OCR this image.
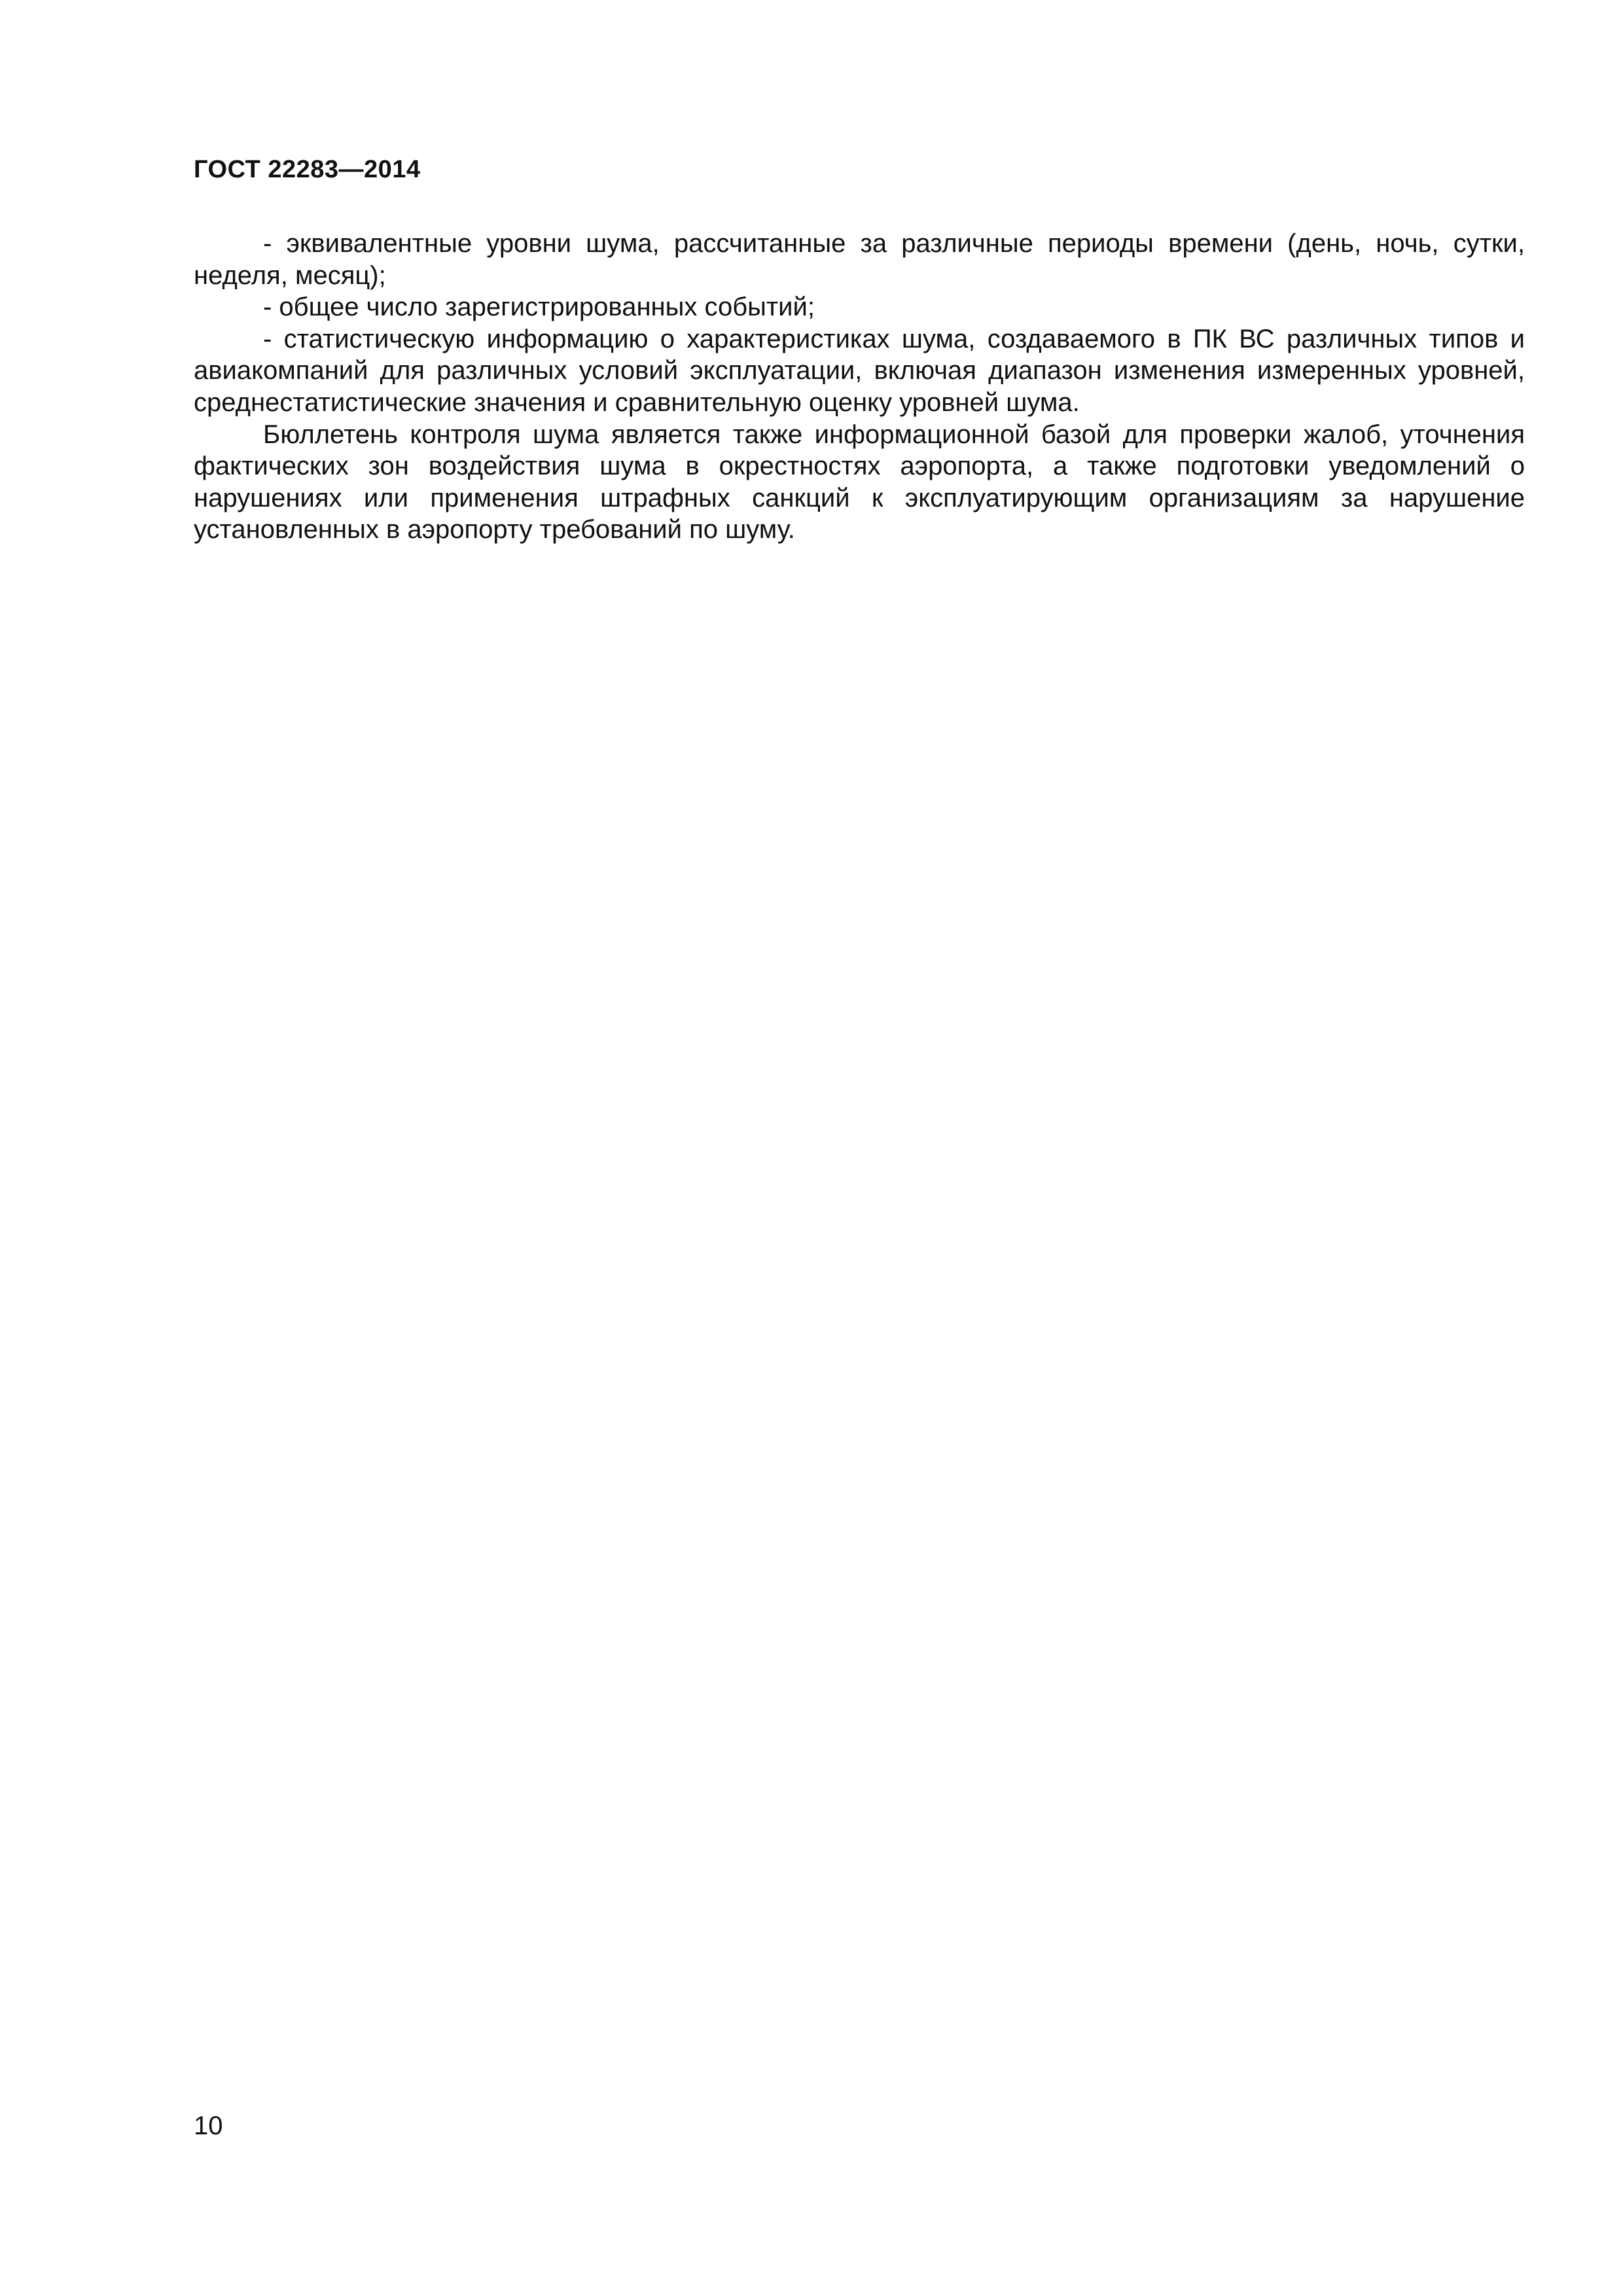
ГОСТ 22283—2014

- эквивалентные уровни шума, рассчитанные за различные периоды времени (день, ночь, сутки, неделя, месяц);

- общее число зарегистрированных событий;

- статистическую информацию о характеристиках шума, создаваемого в ПК ВС различных типов и авиакомпаний для различных условий эксплуатации, включая диапазон изменения измеренных уровней, среднестатистические значения и сравнительную оценку уровней шума.

Бюллетень контроля шума является также информационной базой для проверки жалоб, уточнения фактических зон воздействия шума в окрестностях аэропорта, а также подготовки уведомлений о нарушениях или применения штрафных санкций к эксплуатирующим организациям за нарушение установленных в аэропорту требований по шуму.

10
